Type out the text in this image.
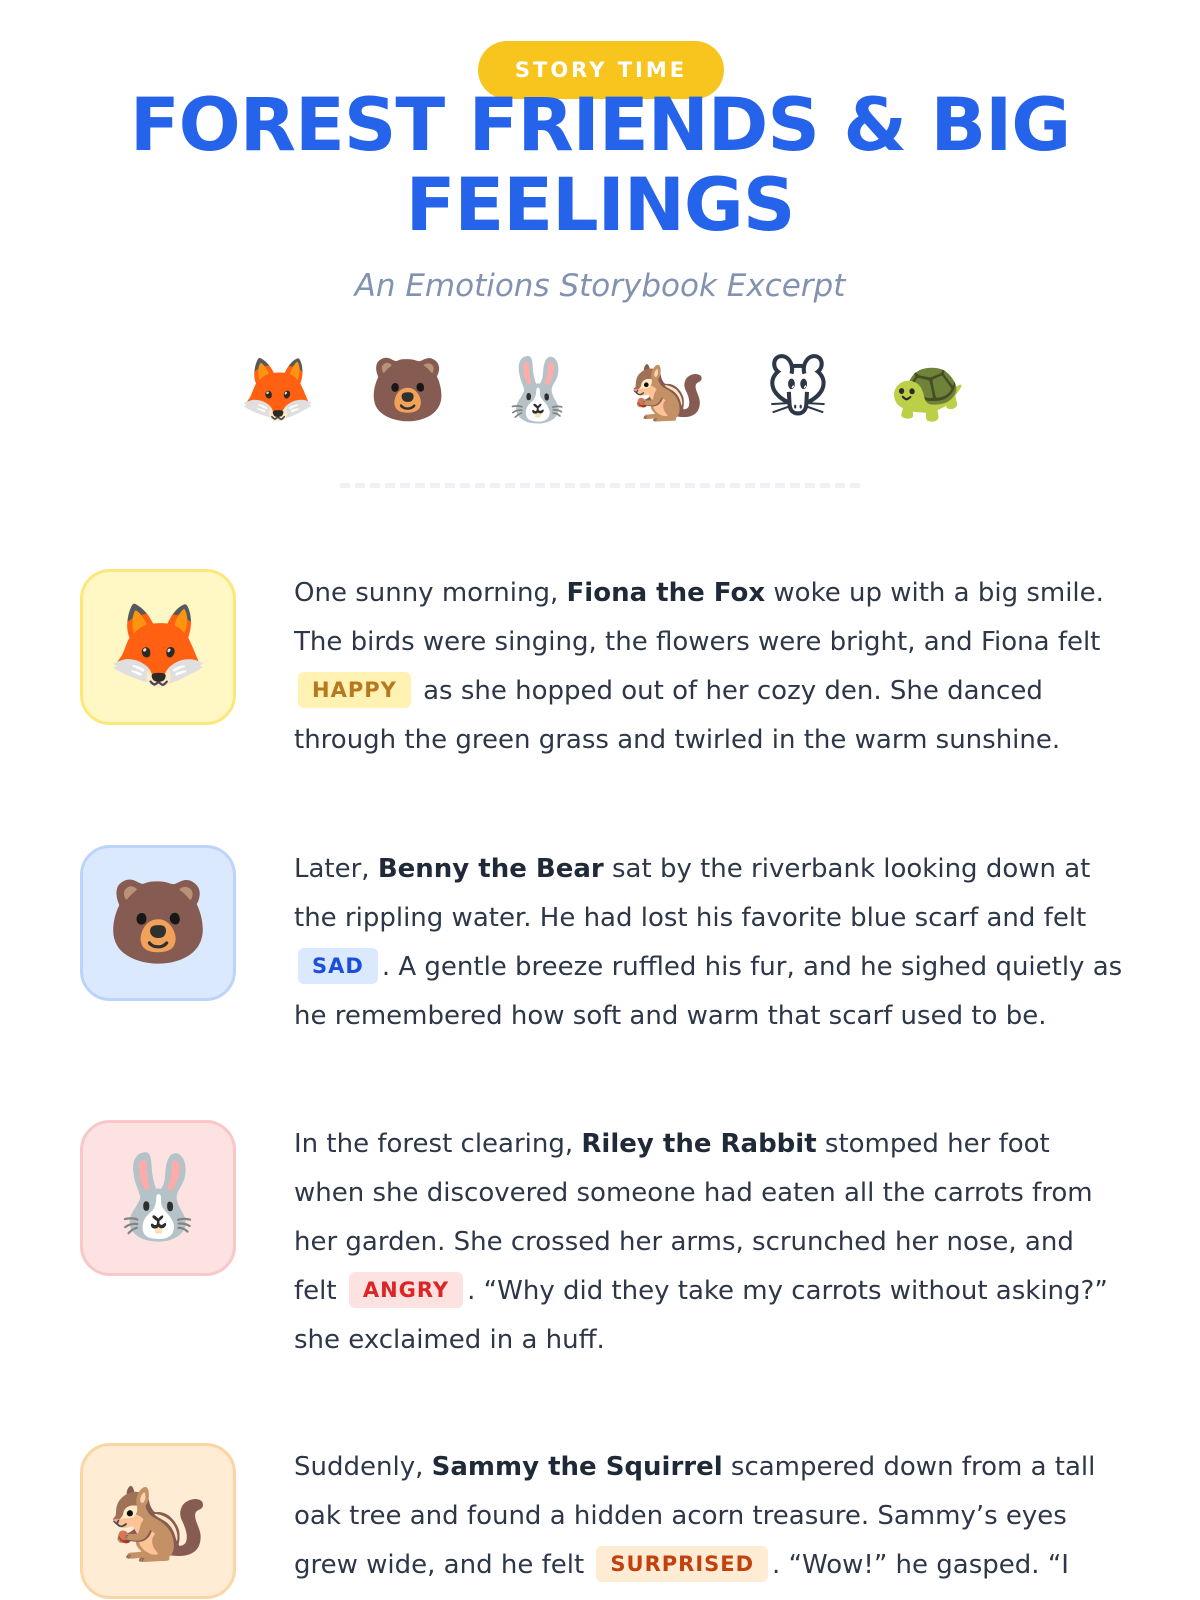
STORY TIME
FOREST FRIENDS & BIG FEELINGS
An Emotions Storybook Excerpt
🦊 🐻 🐰 🐿️ 🐭 🐢
🦊

One sunny morning, Fiona the Fox woke up with a big smile. The birds were singing, the flowers were bright, and Fiona felt HAPPY as she hopped out of her cozy den. She danced through the green grass and twirled in the warm sunshine.

🐻

Later, Benny the Bear sat by the riverbank looking down at the rippling water. He had lost his favorite blue scarf and felt SAD . A gentle breeze ruffled his fur, and he sighed quietly as he remembered how soft and warm that scarf used to be.

🐰

In the forest clearing, Riley the Rabbit stomped her foot when she discovered someone had eaten all the carrots from her garden. She crossed her arms, scrunched her nose, and felt ANGRY . “Why did they take my carrots without asking?” she exclaimed in a huff.

🐿️

Suddenly, Sammy the Squirrel scampered down from a tall oak tree and found a hidden acorn treasure. Sammy’s eyes grew wide, and he felt SURPRISED . “Wow!” he gasped. “I
